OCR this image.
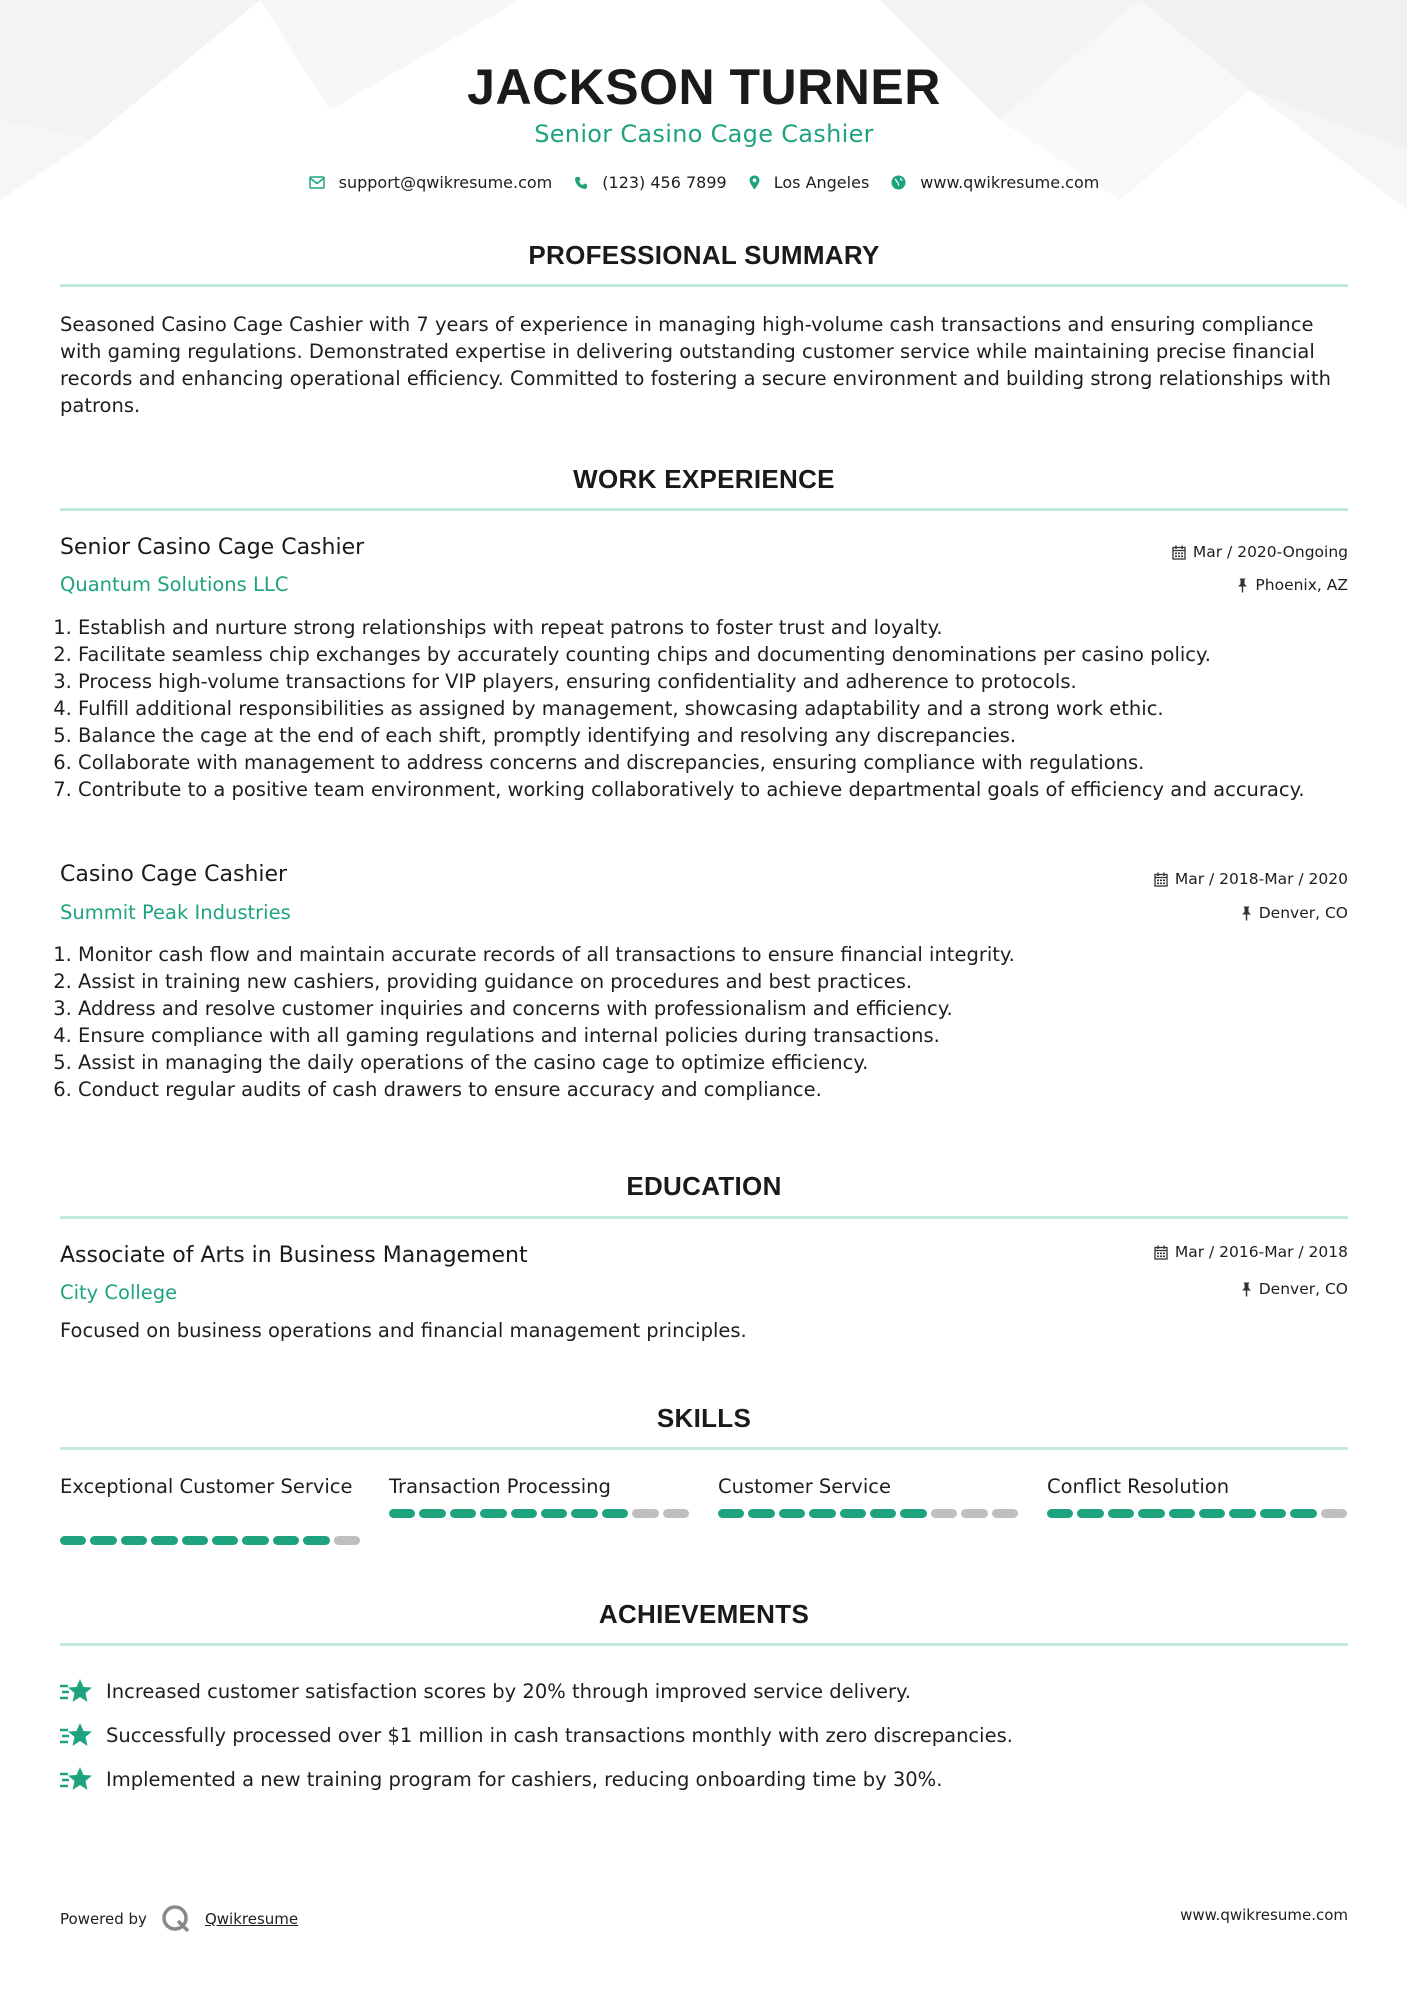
JACKSON TURNER
Senior Casino Cage Cashier
support@qwikresume.com	(123) 456 7899	Los Angeles	www.qwikresume.com
PROFESSIONAL SUMMARY
Seasoned Casino Cage Cashier with 7 years of experience in managing high-volume cash transactions and ensuring compliance with gaming regulations. Demonstrated expertise in delivering outstanding customer service while maintaining precise financial records and enhancing operational efficiency. Committed to fostering a secure environment and building strong relationships with patrons.
WORK EXPERIENCE
Senior Casino Cage Cashier	Mar / 2020-Ongoing
Quantum Solutions LLC	Phoenix, AZ
1. Establish and nurture strong relationships with repeat patrons to foster trust and loyalty.
2. Facilitate seamless chip exchanges by accurately counting chips and documenting denominations per casino policy.
3. Process high-volume transactions for VIP players, ensuring confidentiality and adherence to protocols.
4. Fulfill additional responsibilities as assigned by management, showcasing adaptability and a strong work ethic.
5. Balance the cage at the end of each shift, promptly identifying and resolving any discrepancies.
6. Collaborate with management to address concerns and discrepancies, ensuring compliance with regulations.
7. Contribute to a positive team environment, working collaboratively to achieve departmental goals of efficiency and accuracy.
Casino Cage Cashier	Mar / 2018-Mar / 2020
Summit Peak Industries	Denver, CO
1. Monitor cash flow and maintain accurate records of all transactions to ensure financial integrity.
2. Assist in training new cashiers, providing guidance on procedures and best practices.
3. Address and resolve customer inquiries and concerns with professionalism and efficiency.
4. Ensure compliance with all gaming regulations and internal policies during transactions.
5. Assist in managing the daily operations of the casino cage to optimize efficiency.
6. Conduct regular audits of cash drawers to ensure accuracy and compliance.
EDUCATION
Associate of Arts in Business Management	Mar / 2016-Mar / 2018
City College	Denver, CO
Focused on business operations and financial management principles.
SKILLS
Exceptional Customer Service	Transaction Processing	Customer Service	Conflict Resolution
ACHIEVEMENTS
Increased customer satisfaction scores by 20% through improved service delivery.
Successfully processed over $1 million in cash transactions monthly with zero discrepancies.
Implemented a new training program for cashiers, reducing onboarding time by 30%.
Powered by	Qwikresume	www.qwikresume.com
